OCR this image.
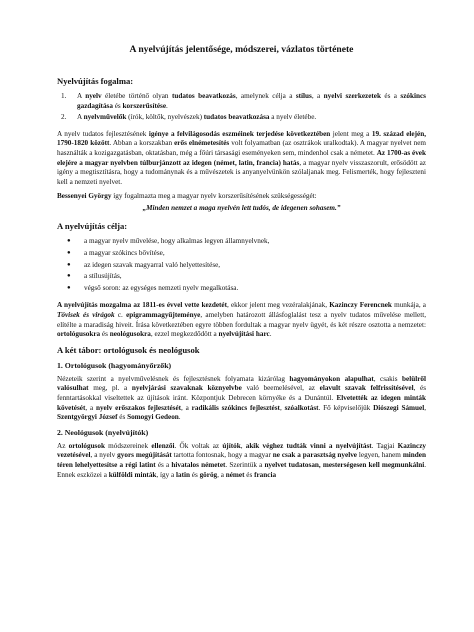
A nyelvújítás jelentősége, módszerei, vázlatos története
Nyelvújítás fogalma:
1.	A nyelv életébe történő olyan tudatos beavatkozás, amelynek célja a stílus, a nyelvi szerkezetek és a szókincs gazdagítása és korszerűsítése.
2.	A nyelvművelők (írók, költők, nyelvészek) tudatos beavatkozása a nyelv életébe.

A nyelv tudatos fejlesztésének igénye a felvilágosodás eszméinek terjedése következtében jelent meg a 19. század elején, 1790-1820 között. Abban a korszakban erős elnémetesítés volt folyamatban (az osztrákok uralkodtak). A magyar nyelvet nem használták a kozigazgatásban, oktatásban, még a főúri társasági eseményeken sem, mindenhol csak a németet. Az 1700-as évek elejére a magyar nyelvben túlburjánzott az idegen (német, latin, francia) hatás, a magyar nyelv visszaszorult, erősödött az igény a megtisztításra, hogy a tudománynak és a művészetek is anyanyelvünkön szólaljanak meg. Felismerték, hogy fejleszteni kell a nemzeti nyelvet.

Bessenyei György így fogalmazta meg a magyar nyelv korszerűsítésének szükségességét:

„Minden nemzet a maga nyelvén lett tudós, de idegenen sohasem.”
A nyelvújítás célja:
●	a magyar nyelv művelése, hogy alkalmas legyen államnyelvnek,
●	a magyar szókincs bővítése,
●	az idegen szavak magyarral való helyettesítése,
●	a stílusújítás,
●	végső soron: az egységes nemzeti nyelv megalkotása.

A nyelvújítás mozgalma az 1811-es évvel vette kezdetét, ekkor jelent meg vezéralakjának, Kazinczy Ferencnek munkája, a Tövisek és virágok c. epigrammagyűjteménye, amelyben határozott állásfoglalást tesz a nyelv tudatos művelése mellett, elítélte a maradiság hiveit. Írása következtében egyre többen fordultak a magyar nyelv ügyét, és két részre osztotta a nemzetet: ortológusokra és neológusokra, ezzel megkezdődött a nyelvújítási harc.

A két tábor: ortológusok és neológusok
1. Ortológusok (hagyományőrzők)

Nézeteik szerint a nyelvművelésnek és fejlesztésnek folyamata kizárólag hagyományokon alapulhat, csakis belülről valósulhat meg, pl. a nyelvjárási szavaknak köznyelvbe való beemelésével, az elavult szavak felfrissítésével, és fenntartásokkal viseltettek az újítások iránt. Központjuk Debrecen környéke és a Dunántúl. Elvetették az idegen minták követését, a nyelv erőszakos fejlesztését, a radikális szókincs fejlesztést, szóalkotást. Fő képviselőjük Diószegi Sámuel, Szentgyörgyi József és Somogyi Gedeon.

2. Neológusok (nyelvújítók)

Az ortológusok módszereinek ellenzői. Ők voltak az újítók, akik véghez tudták vinni a nyelvújítást. Tagjai Kazinczy vezetésével, a nyelv gyors megújítását tartotta fontosnak, hogy a magyar ne csak a parasztság nyelve legyen, hanem minden téren lehelyettesítse a régi latint és a hivatalos németet. Szerintük a nyelvet tudatosan, mesterségesen kell megmunkálni. Ennek eszközei a külföldi minták, így a latin és görög, a német és francia
